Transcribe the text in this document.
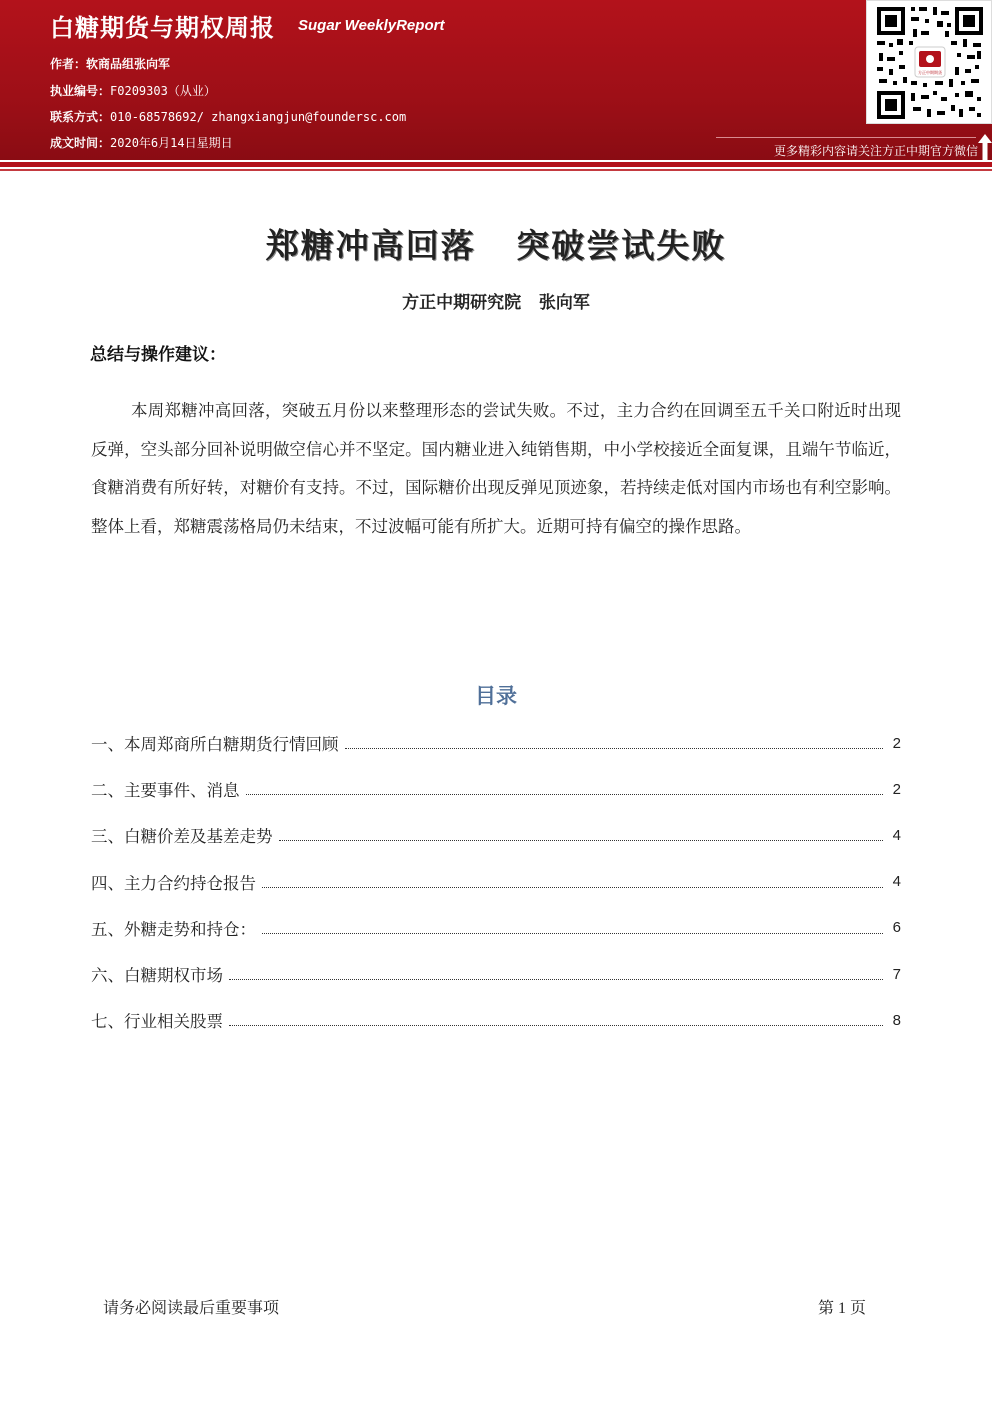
白糖期货与期权周报 Sugar WeeklyReport
作者：软商品组张向军
执业编号：F0209303（从业）
联系方式：010-68578692/ zhangxiangjun@foundersc.com
成文时间：2020年6月14日星期日
方正中期期货
更多精彩内容请关注方正中期官方微信
郑糖冲高回落   突破尝试失败
方正中期研究院   张向军
总结与操作建议：
本周郑糖冲高回落，突破五月份以来整理形态的尝试失败。不过，主力合约在回调至五千关口附近时出现反弹，空头部分回补说明做空信心并不坚定。国内糖业进入纯销售期，中小学校接近全面复课，且端午节临近，食糖消费有所好转，对糖价有支持。不过，国际糖价出现反弹见顶迹象，若持续走低对国内市场也有利空影响。整体上看，郑糖震荡格局仍未结束，不过波幅可能有所扩大。近期可持有偏空的操作思路。
目录
一、本周郑商所白糖期货行情回顾	2
二、主要事件、消息	2
三、白糖价差及基差走势	4
四、主力合约持仓报告	4
五、外糖走势和持仓：	6
六、白糖期权市场	7
七、行业相关股票	8
请务必阅读最后重要事项	第 1 页
